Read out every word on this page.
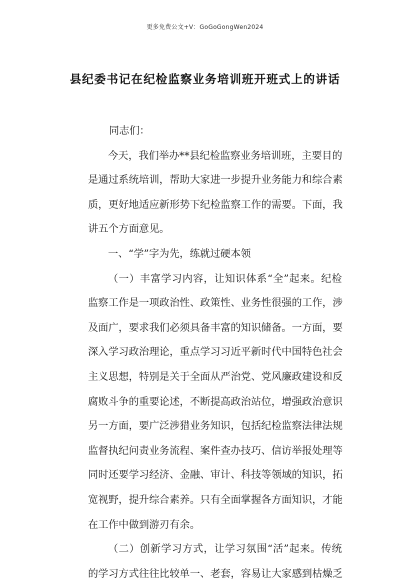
更多免费公文+V：GoGoGongWen2024
县纪委书记在纪检监察业务培训班开班式上的讲话

同志们：

今天，我们举办**县纪检监察业务培训班，主要目的
是通过系统培训，帮助大家进一步提升业务能力和综合素
质，更好地适应新形势下纪检监察工作的需要。下面，我
讲五个方面意见。
一、“学”字为先，练就过硬本领
（一）丰富学习内容，让知识体系“全”起来。纪检
监察工作是一项政治性、政策性、业务性很强的工作，涉
及面广，要求我们必须具备丰富的知识储备。一方面，要
深入学习政治理论，重点学习习近平新时代中国特色社会
主义思想，特别是关于全面从严治党、党风廉政建设和反
腐败斗争的重要论述，不断提高政治站位，增强政治意识
另一方面，要广泛涉猎业务知识，包括纪检监察法律法规
监督执纪问责业务流程、案件查办技巧、信访举报处理等
同时还要学习经济、金融、审计、科技等领域的知识，拓
宽视野，提升综合素养。只有全面掌握各方面知识，才能
在工作中做到游刃有余。
（二）创新学习方式，让学习氛围“活”起来。传统
的学习方式往往比较单一、老套，容易让大家感到枯燥乏
